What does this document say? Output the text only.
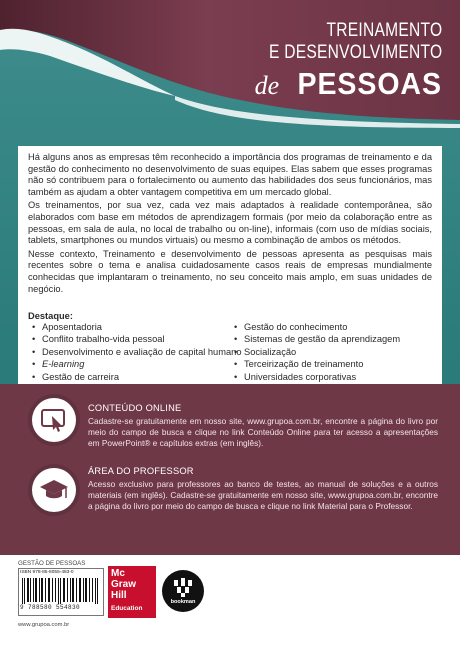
TREINAMENTO
E DESENVOLVIMENTO
de PESSOAS

Há alguns anos as empresas têm reconhecido a importância dos programas de treinamento e da gestão do conhecimento no desenvolvimento de suas equipes. Elas sabem que esses programas não só contribuem para o fortalecimento ou aumento das habilidades dos seus funcionários, mas também as ajudam a obter vantagem competitiva em um mercado global.

Os treinamentos, por sua vez, cada vez mais adaptados à realidade contemporânea, são elaborados com base em métodos de aprendizagem formais (por meio da colaboração entre as pessoas, em sala de aula, no local de trabalho ou on-line), informais (com uso de mídias sociais, tablets, smartphones ou mundos virtuais) ou mesmo a combinação de ambos os métodos.

Nesse contexto, Treinamento e desenvolvimento de pessoas apresenta as pesquisas mais recentes sobre o tema e analisa cuidadosamente casos reais de empresas mundialmente conhecidas que implantaram o treinamento, no seu conceito mais amplo, em suas unidades de negócio.

Destaque:
• Aposentadoria
• Conflito trabalho-vida pessoal
• Desenvolvimento e avaliação de capital humano
• E-learning
• Gestão de carreira
• Gestão do conhecimento
• Sistemas de gestão da aprendizagem
• Socialização
• Terceirização de treinamento
• Universidades corporativas
CONTEÚDO ONLINE
Cadastre-se gratuitamente em nosso site, www.grupoa.com.br, encontre a página do livro por meio do campo de busca e clique no link Conteúdo Online para ter acesso a apresentações em PowerPoint® e capítulos extras (em inglês).
ÁREA DO PROFESSOR
Acesso exclusivo para professores ao banco de testes, ao manual de soluções e a outros materiais (em inglês). Cadastre-se gratuitamente em nosso site, www.grupoa.com.br, encontre a página do livro por meio do campo de busca e clique no link Material para o Professor.
GESTÃO DE PESSOAS
ISBN 978-85-8055-483-0
9 788580 554830
Mc
Graw
Hill
Education
bookman
www.grupoa.com.br
